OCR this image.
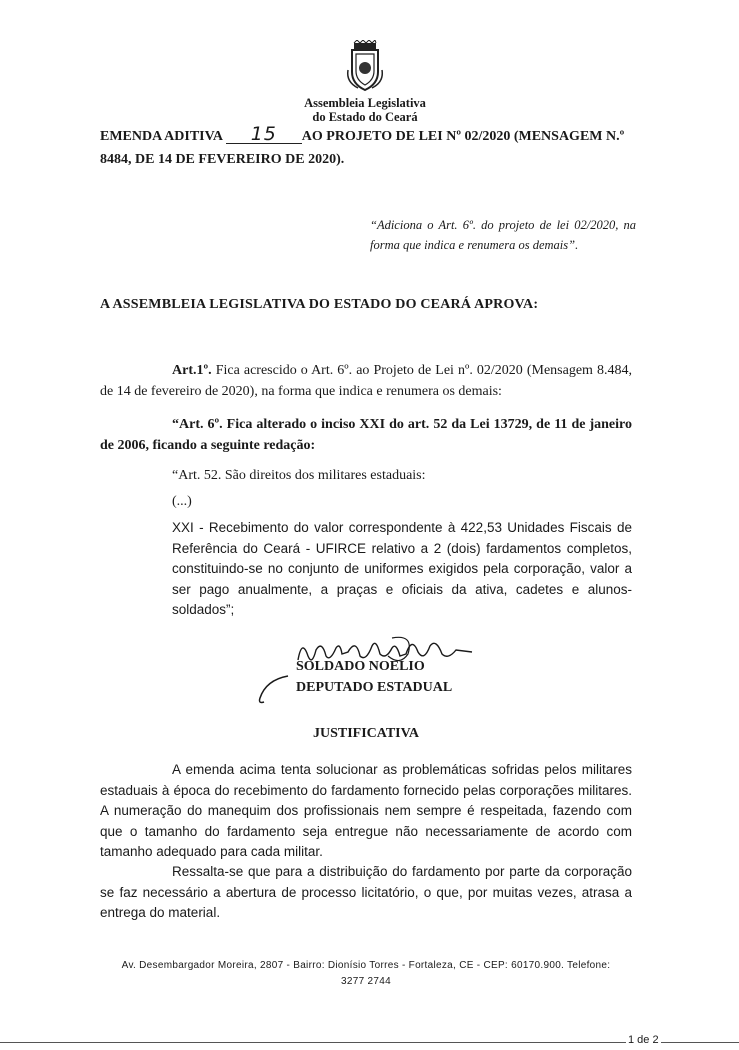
Assembleia Legislativa
do Estado do Ceará
EMENDA ADITIVA 15 AO PROJETO DE LEI Nº 02/2020 (MENSAGEM N.º 8484, DE 14 DE FEVEREIRO DE 2020).

“Adiciona o Art. 6º. do projeto de lei 02/2020, na forma que indica e renumera os demais”.

A ASSEMBLEIA LEGISLATIVA DO ESTADO DO CEARÁ APROVA:

Art.1º. Fica acrescido o Art. 6º. ao Projeto de Lei nº. 02/2020 (Mensagem 8.484, de 14 de fevereiro de 2020), na forma que indica e renumera os demais:

“Art. 6º. Fica alterado o inciso XXI do art. 52 da Lei 13729, de 11 de janeiro de 2006, ficando a seguinte redação:

“Art. 52. São direitos dos militares estaduais:

(...)

XXI - Recebimento do valor correspondente à 422,53 Unidades Fiscais de Referência do Ceará - UFIRCE relativo a 2 (dois) fardamentos completos, constituindo-se no conjunto de uniformes exigidos pela corporação, valor a ser pago anualmente, a praças e oficiais da ativa, cadetes e alunos-soldados”;

SOLDADO NOELIO
DEPUTADO ESTADUAL
JUSTIFICATIVA

A emenda acima tenta solucionar as problemáticas sofridas pelos militares estaduais à época do recebimento do fardamento fornecido pelas corporações militares. A numeração do manequim dos profissionais nem sempre é respeitada, fazendo com que o tamanho do fardamento seja entregue não necessariamente de acordo com tamanho adequado para cada militar.

Ressalta-se que para a distribuição do fardamento por parte da corporação se faz necessário a abertura de processo licitatório, o que, por muitas vezes, atrasa a entrega do material.

Av. Desembargador Moreira, 2807 - Bairro: Dionísio Torres - Fortaleza, CE - CEP: 60170.900. Telefone:
3277 2744
1 de 2
